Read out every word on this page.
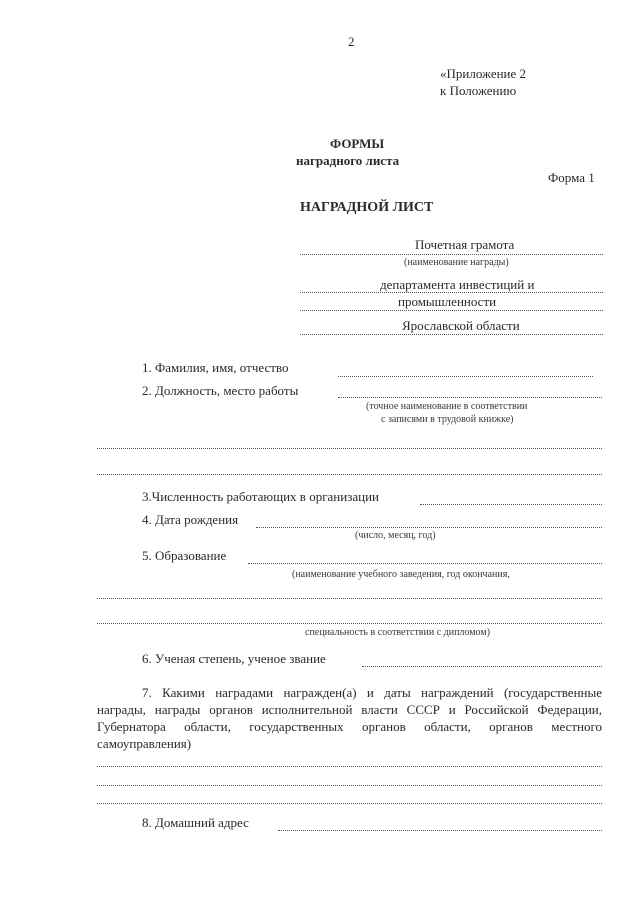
2
«Приложение 2
к Положению
ФОРМЫ
наградного листа
Форма 1
НАГРАДНОЙ ЛИСТ
Почетная грамота
(наименование награды)
департамента инвестиций и
промышленности
Ярославской области
1. Фамилия, имя, отчество
2. Должность, место работы
(точное наименование в соответствии
с записями в трудовой книжке)
3.Численность работающих в организации
4. Дата рождения
(число, месяц, год)
5. Образование
(наименование учебного заведения, год окончания,
специальность в соответствии с дипломом)
6. Ученая степень, ученое звание
7. Какими наградами награжден(а) и даты награждений (государственные награды, награды органов исполнительной власти СССР и Российской Федерации, Губернатора области, государственных органов области, органов местного самоуправления)
8. Домашний адрес
